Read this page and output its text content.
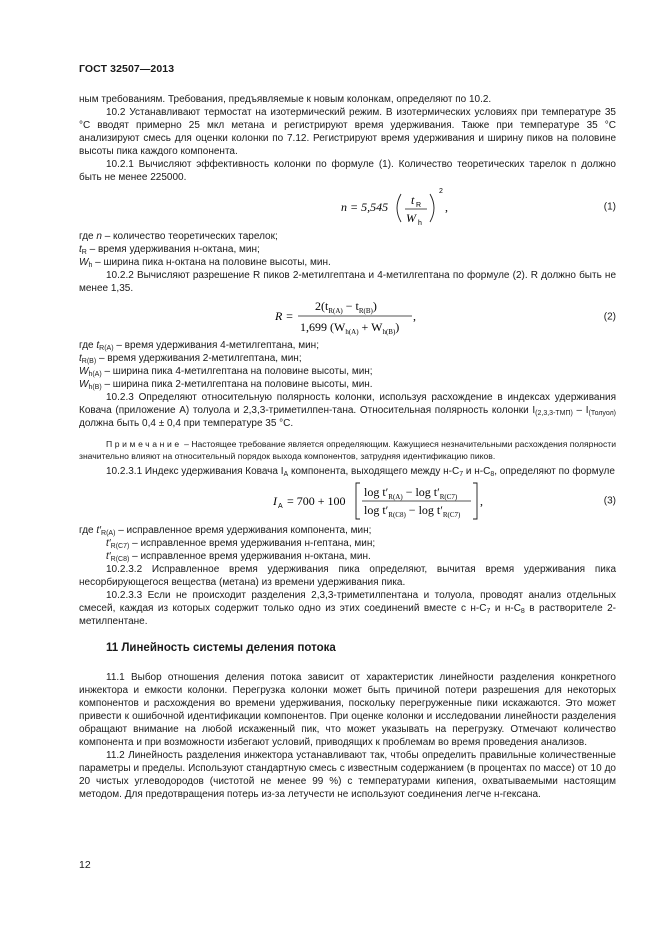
ГОСТ 32507—2013

ным требованиям. Требования, предъявляемые к новым колонкам, определяют по 10.2.

10.2 Устанавливают термостат на изотермический режим. В изотермических условиях при температуре 35 °С вводят примерно 25 мкл метана и регистрируют время удерживания. Также при температуре 35 °С анализируют смесь для оценки колонки по 7.12. Регистрируют время удерживания и ширину пиков на половине высоты пика каждого компонента.

10.2.1 Вычисляют эффективность колонки по формуле (1). Количество теоретических тарелок n должно быть не менее 225000.

n = 5,545 t R
W h
2
,	(1)

где n – количество теоретических тарелок;

$t_R$ – время удерживания н-октана, мин;

$W_h$ – ширина пика н-октана на половине высоты, мин.

10.2.2 Вычисляют разрешение R пиков 2-метилгептана и 4-метилгептана по формуле (2). R должно быть не менее 1,35.

R =
$2(t_{R(A)} - t_{R(B)})$
1,699 $(W_{h(A)} + W_{h(B)})$
,	(2)

где $t_{R(A)}$ – время удерживания 4-метилгептана, мин;

$t_{R(B)}$ – время удерживания 2-метилгептана, мин;

$W_{h(A)}$ – ширина пика 4-метилгептана на половине высоты, мин;

$W_{h(B)}$ – ширина пика 2-метилгептана на половине высоты, мин.

10.2.3 Определяют относительную полярность колонки, используя расхождение в индексах удерживания Ковача (приложение А) толуола и 2,3,3-триметилпен-тана. Относительная полярность колонки $I_{(2,3,3-ТМП)} - I_{(Толуол)}$ должна быть 0,4 ± 0,4 при температуре 35 °С.

Примечание – Настоящее требование является определяющим. Кажущиеся незначительными расхождения полярности значительно влияют на относительный порядок выхода компонентов, затрудняя идентификацию пиков.

10.2.3.1 Индекс удерживания Ковача $I_A$ компонента, выходящего между $н-С_7$ и $н-С_8$, определяют по формуле

I A = 700 + 100
$\log t'_{R(A)} - \log t'_{R(C7)}$
$\log t'_{R(C8)} - \log t'_{R(C7)}$
,	(3)

где $t'_{R(A)}$ – исправленное время удерживания компонента, мин;

$t'_{R(C7)}$ – исправленное время удерживания н-гептана, мин;

$t'_{R(C8)}$ – исправленное время удерживания н-октана, мин.

10.2.3.2 Исправленное время удерживания пика определяют, вычитая время удерживания пика несорбирующегося вещества (метана) из времени удерживания пика.

10.2.3.3 Если не происходит разделения 2,3,3-триметилпентана и толуола, проводят анализ отдельных смесей, каждая из которых содержит только одно из этих соединений вместе с $н-С_7$ и $н-С_8$ в растворителе 2-метилпентане.

11 Линейность системы деления потока

11.1 Выбор отношения деления потока зависит от характеристик линейности разделения конкретного инжектора и емкости колонки. Перегрузка колонки может быть причиной потери разрешения для некоторых компонентов и расхождения во времени удерживания, поскольку перегруженные пики искажаются. Это может привести к ошибочной идентификации компонентов. При оценке колонки и исследовании линейности разделения обращают внимание на любой искаженный пик, что может указывать на перегрузку. Отмечают количество компонента и при возможности избегают условий, приводящих к проблемам во время проведения анализов.

11.2 Линейность разделения инжектора устанавливают так, чтобы определить правильные количественные параметры и пределы. Используют стандартную смесь с известным содержанием (в процентах по массе) от 10 до 20 чистых углеводородов (чистотой не менее 99 %) с температурами кипения, охватываемыми настоящим методом. Для предотвращения потерь из-за летучести не используют соединения легче н-гексана.

12
